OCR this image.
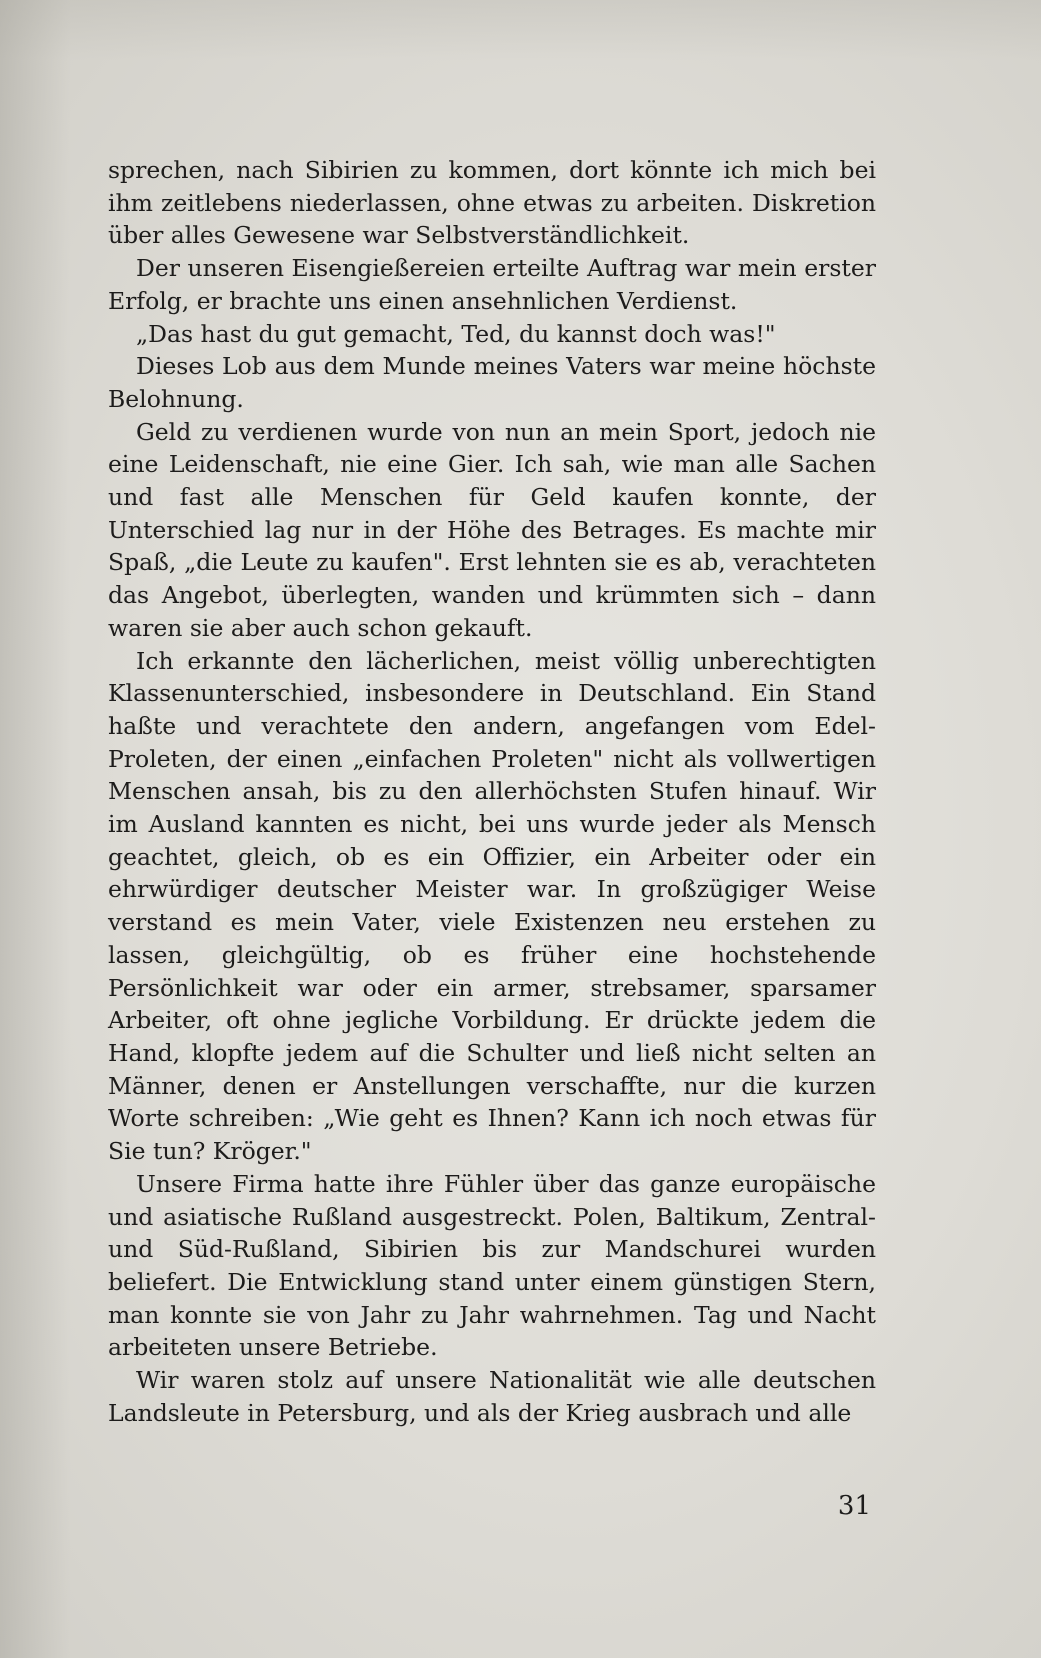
sprechen, nach Sibirien zu kommen, dort könnte ich mich bei ihm zeitlebens niederlassen, ohne etwas zu arbeiten. Diskretion über alles Gewesene war Selbstverständlichkeit.

Der unseren Eisengießereien erteilte Auftrag war mein erster Erfolg, er brachte uns einen ansehnlichen Verdienst.

„Das hast du gut gemacht, Ted, du kannst doch was!"

Dieses Lob aus dem Munde meines Vaters war meine höchste Belohnung.

Geld zu verdienen wurde von nun an mein Sport, jedoch nie eine Leidenschaft, nie eine Gier. Ich sah, wie man alle Sachen und fast alle Menschen für Geld kaufen konnte, der Unterschied lag nur in der Höhe des Betrages. Es machte mir Spaß, „die Leute zu kaufen". Erst lehnten sie es ab, verachteten das Angebot, überlegten, wanden und krümmten sich – dann waren sie aber auch schon gekauft.

Ich erkannte den lächerlichen, meist völlig unberechtigten Klassenunterschied, insbesondere in Deutschland. Ein Stand haßte und verachtete den andern, angefangen vom Edel-Proleten, der einen „einfachen Proleten" nicht als vollwertigen Menschen ansah, bis zu den allerhöchsten Stufen hinauf. Wir im Ausland kannten es nicht, bei uns wurde jeder als Mensch geachtet, gleich, ob es ein Offizier, ein Arbeiter oder ein ehrwürdiger deutscher Meister war. In großzügiger Weise verstand es mein Vater, viele Existenzen neu erstehen zu lassen, gleichgültig, ob es früher eine hochstehende Persönlichkeit war oder ein armer, strebsamer, sparsamer Arbeiter, oft ohne jegliche Vorbildung. Er drückte jedem die Hand, klopfte jedem auf die Schulter und ließ nicht selten an Männer, denen er Anstellungen verschaffte, nur die kurzen Worte schreiben: „Wie geht es Ihnen? Kann ich noch etwas für Sie tun? Kröger."

Unsere Firma hatte ihre Fühler über das ganze europäische und asiatische Rußland ausgestreckt. Polen, Baltikum, Zentral- und Süd-Rußland, Sibirien bis zur Mandschurei wurden beliefert. Die Entwicklung stand unter einem günstigen Stern, man konnte sie von Jahr zu Jahr wahrnehmen. Tag und Nacht arbeiteten unsere Betriebe.

Wir waren stolz auf unsere Nationalität wie alle deutschen Landsleute in Petersburg, und als der Krieg ausbrach und alle

31
